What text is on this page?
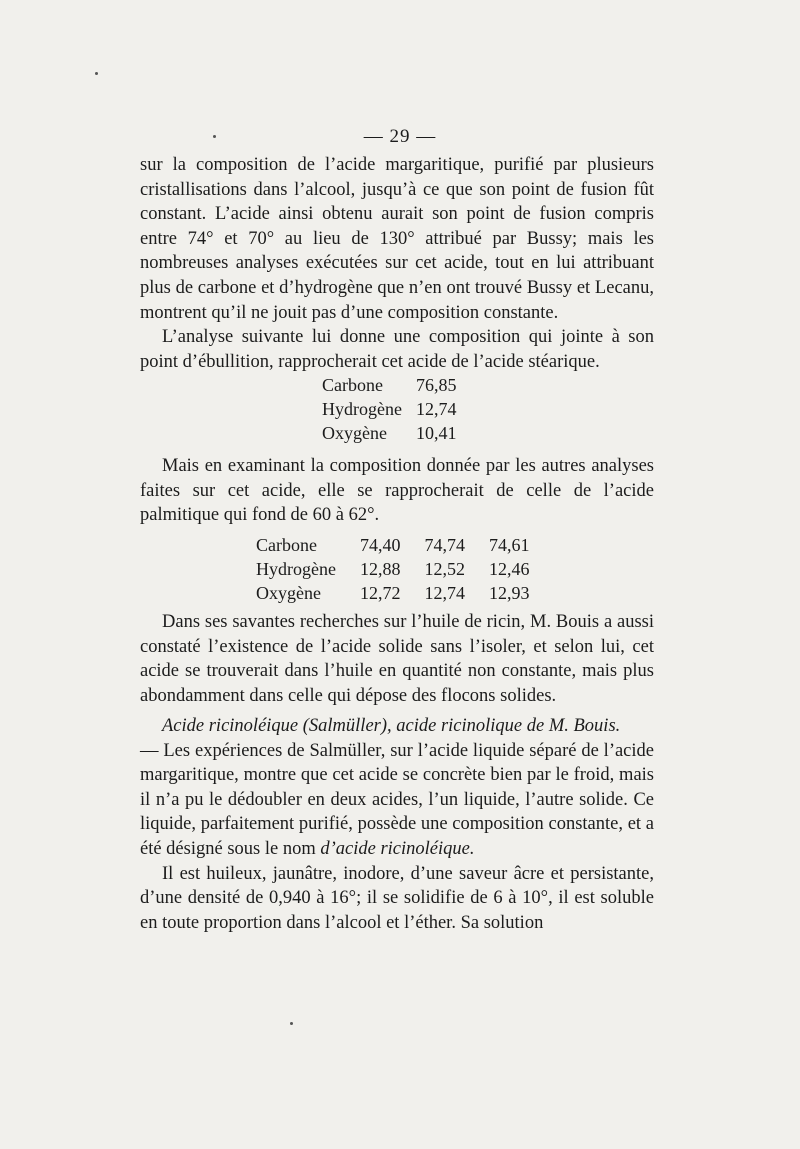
— 29 —

sur la composition de l’acide margaritique, purifié par plusieurs cristallisations dans l’alcool, jusqu’à ce que son point de fusion fût constant. L’acide ainsi obtenu aurait son point de fusion compris entre 74° et 70° au lieu de 130° attribué par Bussy; mais les nombreuses analyses exécutées sur cet acide, tout en lui attribuant plus de carbone et d’hydrogène que n’en ont trouvé Bussy et Lecanu, montrent qu’il ne jouit pas d’une composition constante.

L’analyse suivante lui donne une composition qui jointe à son point d’ébullition, rapprocherait cet acide de l’acide stéarique.

Carbone	76,85
Hydrogène	12,74
Oxygène	10,41

Mais en examinant la composition donnée par les autres analyses faites sur cet acide, elle se rapprocherait de celle de l’acide palmitique qui fond de 60 à 62°.

Carbone	74,40	74,74	74,61
Hydrogène	12,88	12,52	12,46
Oxygène	12,72	12,74	12,93

Dans ses savantes recherches sur l’huile de ricin, M. Bouis a aussi constaté l’existence de l’acide solide sans l’isoler, et selon lui, cet acide se trouverait dans l’huile en quantité non constante, mais plus abondamment dans celle qui dépose des flocons solides.

Acide ricinoléique (Salmüller), acide ricinolique de M. Bouis.

— Les expériences de Salmüller, sur l’acide liquide séparé de l’acide margaritique, montre que cet acide se concrète bien par le froid, mais il n’a pu le dédoubler en deux acides, l’un liquide, l’autre solide. Ce liquide, parfaitement purifié, possède une composition constante, et a été désigné sous le nom d’acide ricinoléique.

Il est huileux, jaunâtre, inodore, d’une saveur âcre et persistante, d’une densité de 0,940 à 16°; il se solidifie de 6 à 10°, il est soluble en toute proportion dans l’alcool et l’éther. Sa solution
